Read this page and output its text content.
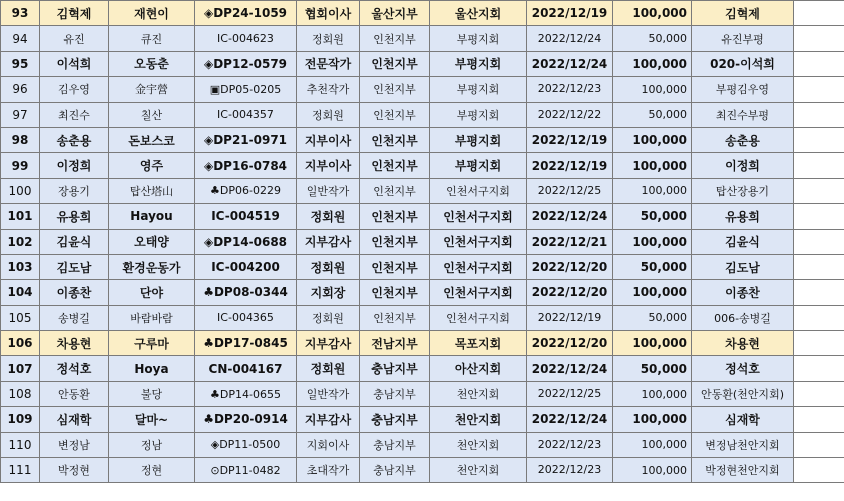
93	김혁제	재현이	◈DP24-1059	협회이사	울산지부	울산지회	2022/12/19	100,000	김혁제	
94	유진	큐진	IC-004623	정회원	인천지부	부평지회	2022/12/24	50,000	유진부평	
95	이석희	오동춘	◈DP12-0579	전문작가	인천지부	부평지회	2022/12/24	100,000	020-이석희	
96	김우영	金宇營	▣DP05-0205	추천작가	인천지부	부평지회	2022/12/23	100,000	부평김우영	
97	최진수	칠산	IC-004357	정회원	인천지부	부평지회	2022/12/22	50,000	최진수부평	
98	송춘용	돈보스코	◈DP21-0971	지부이사	인천지부	부평지회	2022/12/19	100,000	송춘용	
99	이정희	영주	◈DP16-0784	지부이사	인천지부	부평지회	2022/12/19	100,000	이정희	
100	장용기	탑산塔山	♣DP06-0229	일반작가	인천지부	인천서구지회	2022/12/25	100,000	탑산장용기	
101	유용희	Hayou	IC-004519	정회원	인천지부	인천서구지회	2022/12/24	50,000	유용희	
102	김윤식	오태양	◈DP14-0688	지부감사	인천지부	인천서구지회	2022/12/21	100,000	김윤식	
103	김도남	환경운동가	IC-004200	정회원	인천지부	인천서구지회	2022/12/20	50,000	김도남	
104	이종찬	단야	♣DP08-0344	지회장	인천지부	인천서구지회	2022/12/20	100,000	이종찬	
105	송병길	바람바람	IC-004365	정회원	인천지부	인천서구지회	2022/12/19	50,000	006-송병길	
106	차용현	구루마	♣DP17-0845	지부감사	전남지부	목포지회	2022/12/20	100,000	차용현	
107	정석호	Hoya	CN-004167	정회원	충남지부	아산지회	2022/12/24	50,000	정석호	
108	안동환	불당	♣DP14-0655	일반작가	충남지부	천안지회	2022/12/25	100,000	안동환(천안지회)	
109	심재학	달마~	♣DP20-0914	지부감사	충남지부	천안지회	2022/12/24	100,000	심재학	
110	변정남	정남	◈DP11-0500	지회이사	충남지부	천안지회	2022/12/23	100,000	변정남천안지회	
111	박정현	정현	⊙DP11-0482	초대작가	충남지부	천안지회	2022/12/23	100,000	박정현천안지회	
